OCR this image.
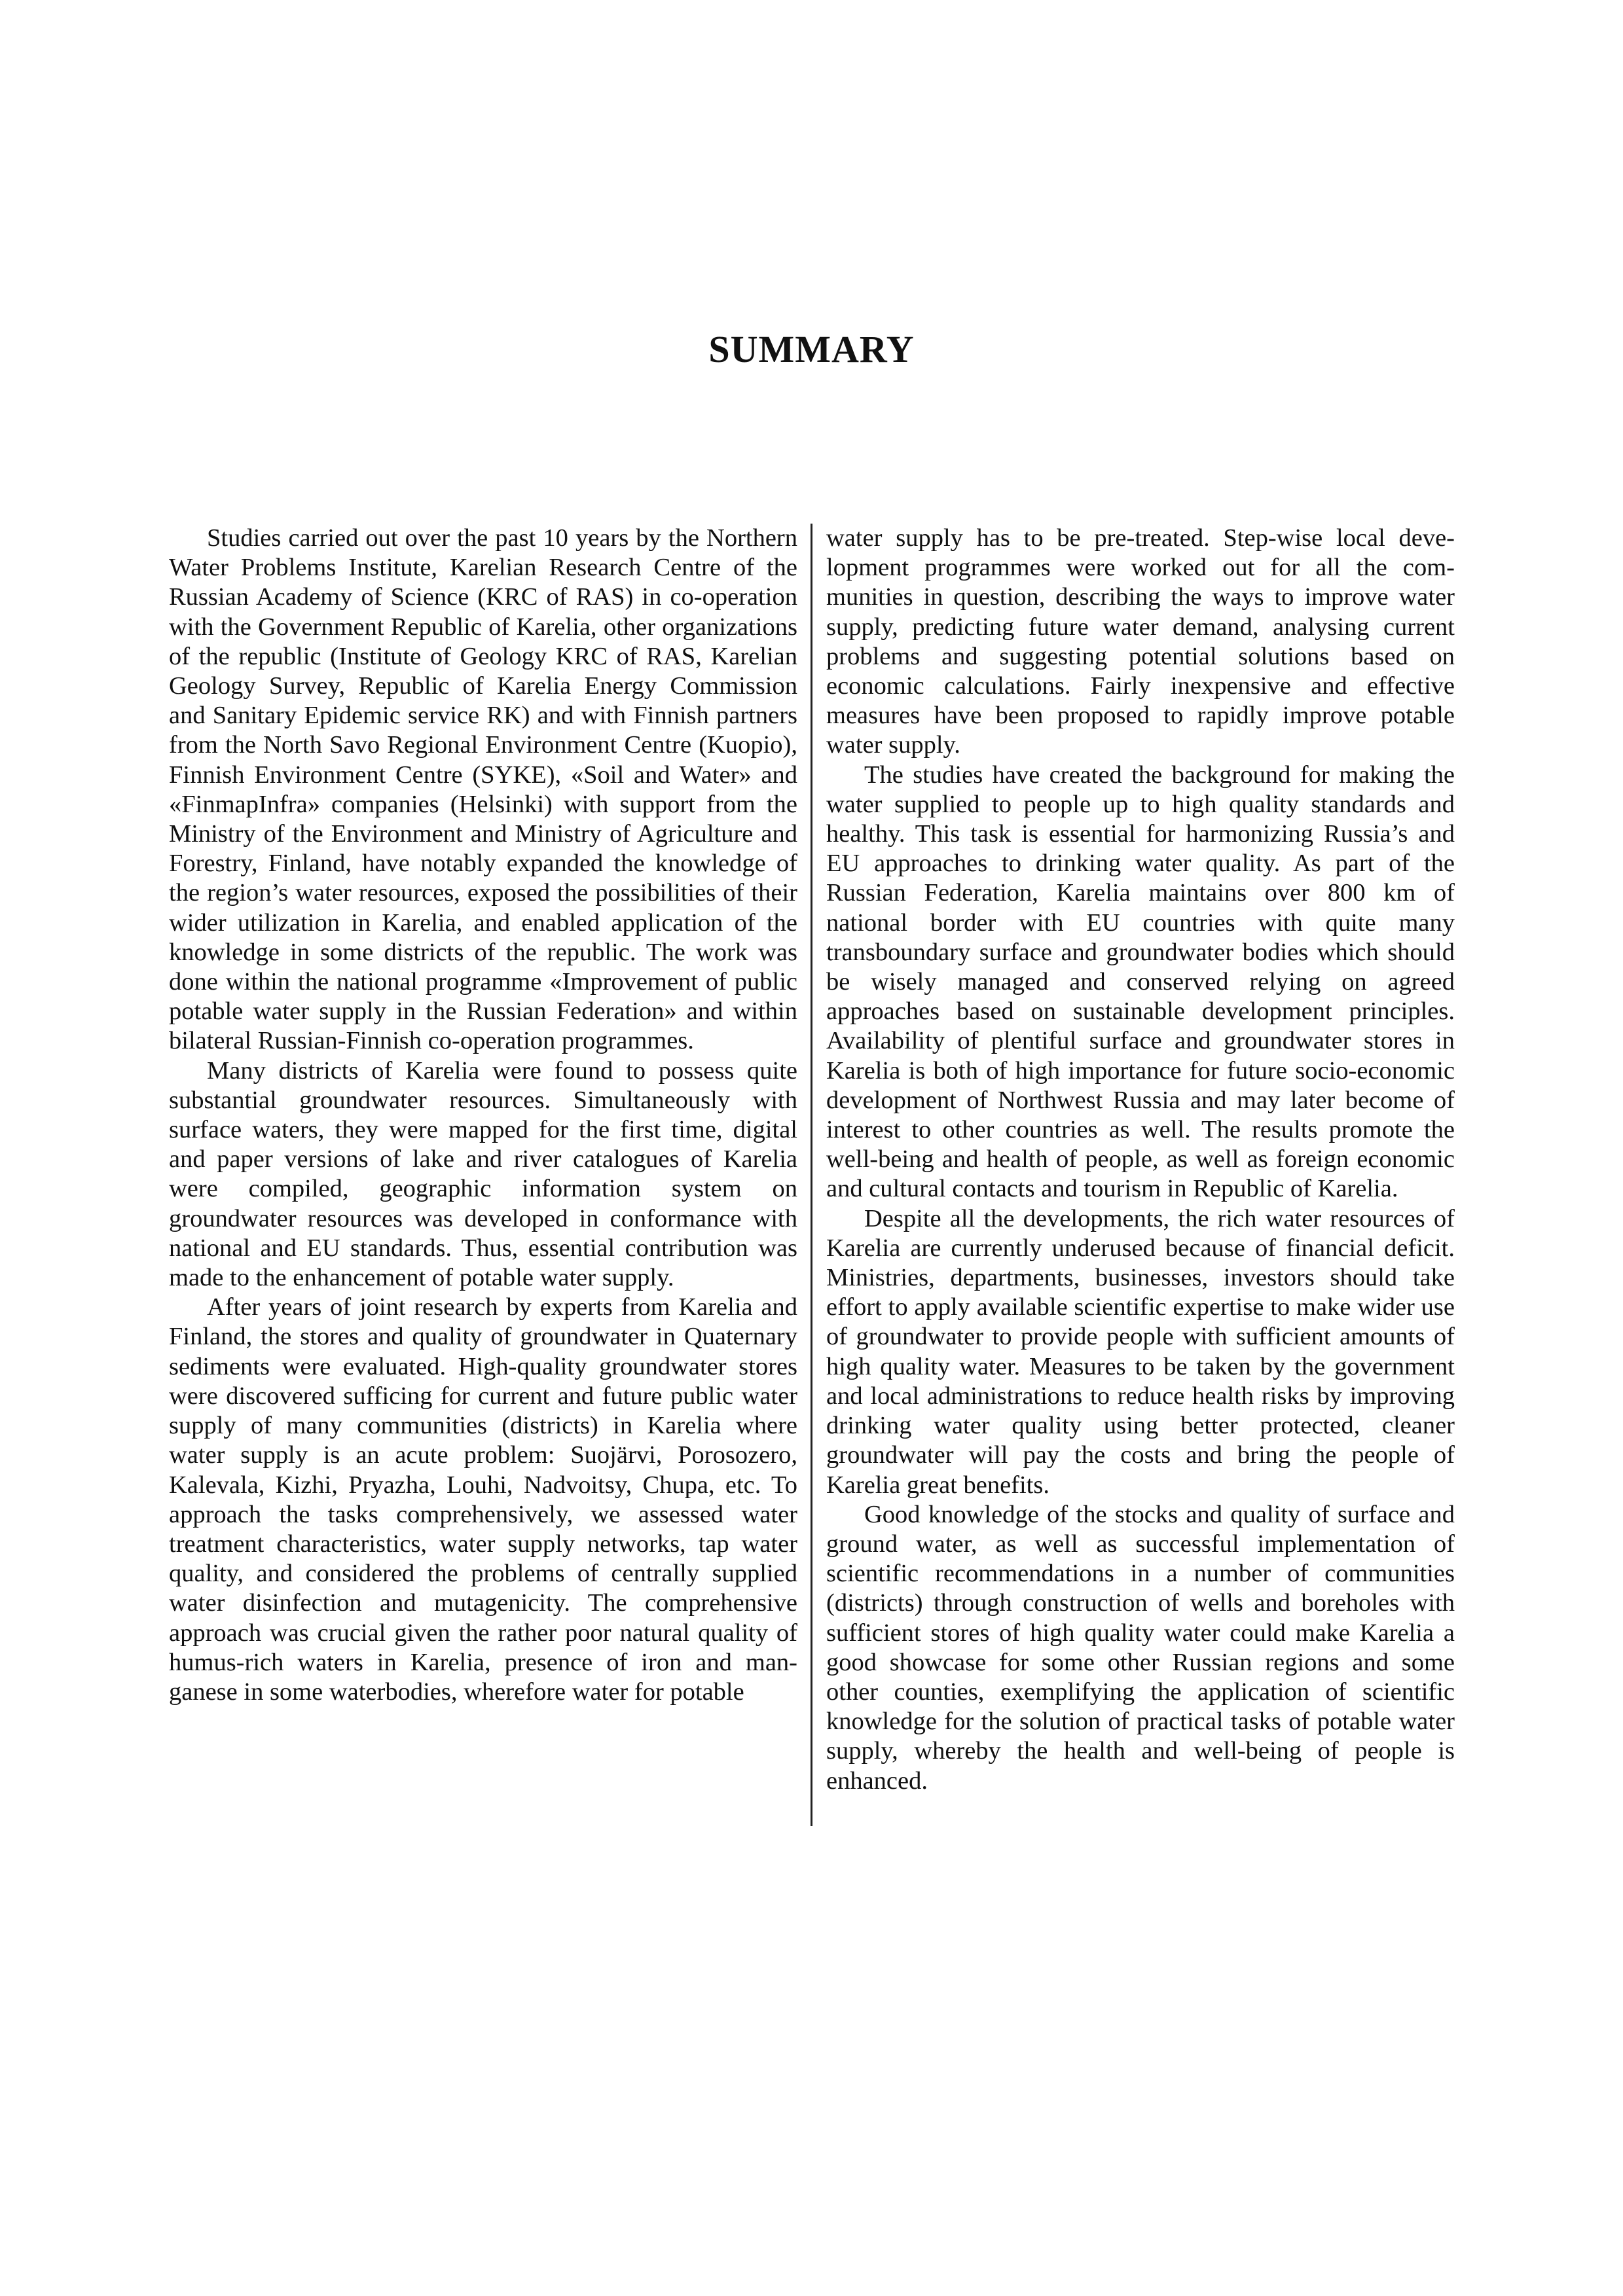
SUMMARY

Studies carried out over the past 10 years by the Northern Water Problems Institute, Karelian Research Centre of the Russian Academy of Science (KRC of RAS) in co-operation with the Government Republic of Karelia, other organizations of the republic (Institute of Geology KRC of RAS, Karelian Geology Survey, Republic of Karelia Energy Commission and Sanitary Epidemic service RK) and with Finnish partners from the North Savo Regional Environment Centre (Kuopio), Finnish Environment Centre (SYKE), «Soil and Water» and «FinmapInfra» companies (Helsinki) with support from the Ministry of the Environment and Ministry of Agriculture and Forestry, Finland, have notably expanded the knowledge of the region’s water resources, exposed the possibilities of their wider utilization in Karelia, and enabled application of the knowledge in some districts of the republic. The work was done within the national programme «Improvement of public potable water supply in the Russian Federation» and within bilateral Russian-Finnish co-operation programmes.

Many districts of Karelia were found to possess quite substantial groundwater resources. Simultaneously with surface waters, they were mapped for the first time, digital and paper versions of lake and river catalogues of Karelia were compiled, geographic information system on groundwater resources was developed in conformance with national and EU standards. Thus, essential contribution was made to the enhancement of potable water supply.

After years of joint research by experts from Karelia and Finland, the stores and quality of groundwater in Quaternary sediments were evaluated. High-quality groundwater stores were discovered sufficing for current and future public water supply of many communities (districts) in Karelia where water supply is an acute problem: Suojärvi, Porosozero, Kalevala, Kizhi, Pryazha, Louhi, Nadvoitsy, Chupa, etc. To approach the tasks comprehensively, we assessed water treatment characteristics, water supply networks, tap water quality, and considered the problems of centrally supplied water disinfection and mutagenicity. The comprehensive approach was crucial given the rather poor natural quality of humus-rich waters in Karelia, presence of iron and manganese in some waterbodies, wherefore water for potable

water supply has to be pre-treated. Step-wise local development programmes were worked out for all the communities in question, describing the ways to improve water supply, predicting future water demand, analysing current problems and suggesting potential solutions based on economic calculations. Fairly inexpensive and effective measures have been proposed to rapidly improve potable water supply.

The studies have created the background for making the water supplied to people up to high quality standards and healthy. This task is essential for harmonizing Russia’s and EU approaches to drinking water quality. As part of the Russian Federation, Karelia maintains over 800 km of national border with EU countries with quite many transboundary surface and groundwater bodies which should be wisely managed and conserved relying on agreed approaches based on sustainable development principles. Availability of plentiful surface and groundwater stores in Karelia is both of high importance for future socio-economic development of Northwest Russia and may later become of interest to other countries as well. The results promote the well-being and health of people, as well as foreign economic and cultural contacts and tourism in Republic of Karelia.

Despite all the developments, the rich water resources of Karelia are currently underused because of financial deficit. Ministries, departments, businesses, investors should take effort to apply available scientific expertise to make wider use of groundwater to provide people with sufficient amounts of high quality water. Measures to be taken by the government and local administrations to reduce health risks by improving drinking water quality using better protected, cleaner groundwater will pay the costs and bring the people of Karelia great benefits.

Good knowledge of the stocks and quality of surface and ground water, as well as successful implementation of scientific recommendations in a number of communities (districts) through construction of wells and boreholes with sufficient stores of high quality water could make Karelia a good showcase for some other Russian regions and some other counties, exemplifying the application of scientific knowledge for the solution of practical tasks of potable water supply, whereby the health and well-being of people is enhanced.
